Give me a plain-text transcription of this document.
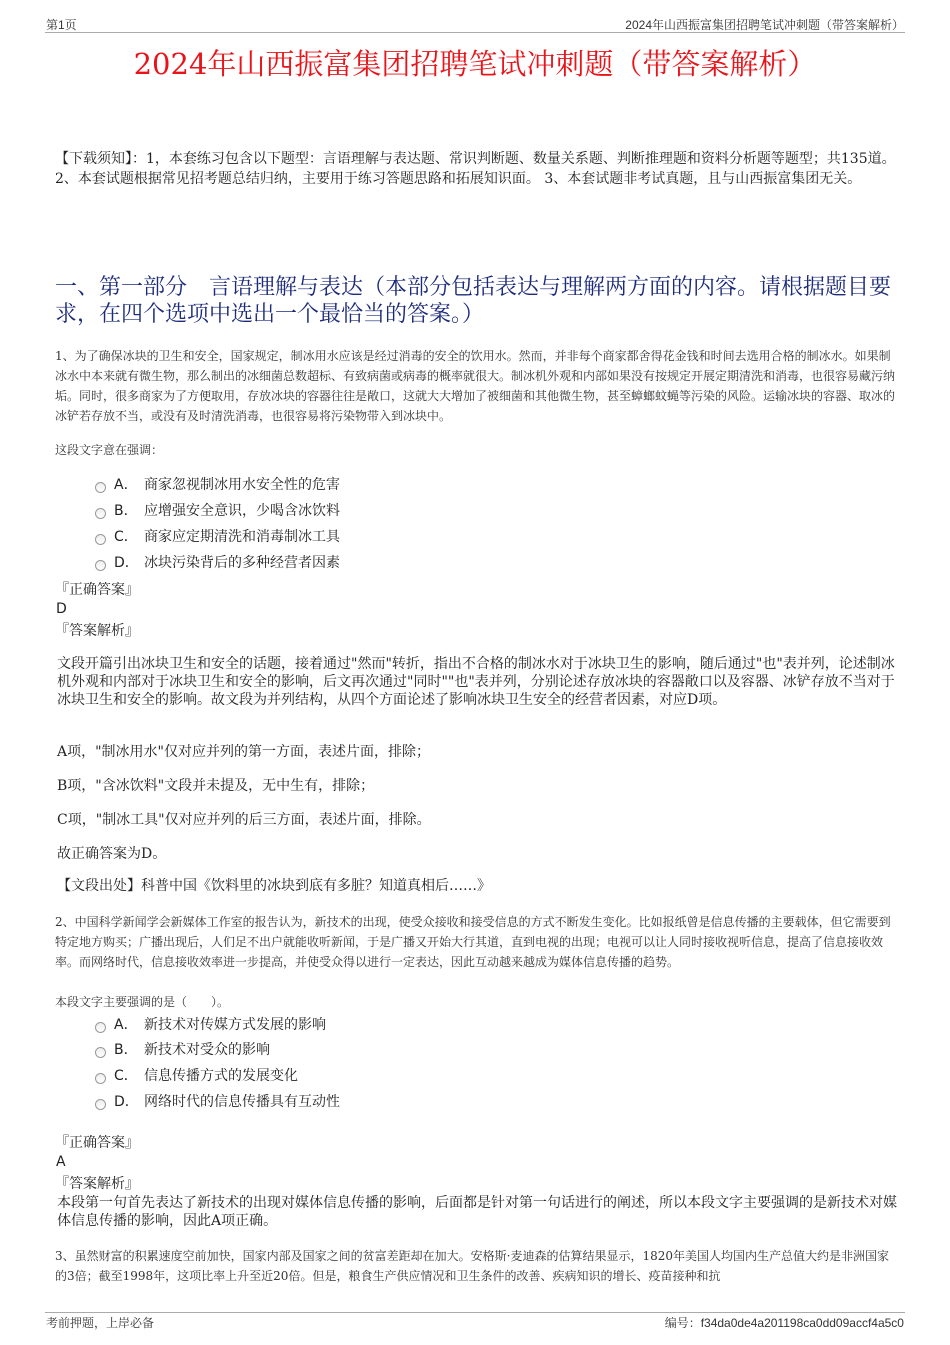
第1页	2024年山西振富集团招聘笔试冲刺题（带答案解析）
2024年山西振富集团招聘笔试冲刺题（带答案解析）
【下载须知】：1，本套练习包含以下题型：言语理解与表达题、常识判断题、数量关系题、判断推理题和资料分析题等题型；共135道。2、本套试题根据常见招考题总结归纳，主要用于练习答题思路和拓展知识面。 3、本套试题非考试真题，且与山西振富集团无关。
一、第一部分　言语理解与表达（本部分包括表达与理解两方面的内容。请根据题目要求，在四个选项中选出一个最恰当的答案。）
1、为了确保冰块的卫生和安全，国家规定，制冰用水应该是经过消毒的安全的饮用水。然而，并非每个商家都舍得花金钱和时间去选用合格的制冰水。如果制冰水中本来就有微生物，那么制出的冰细菌总数超标、有致病菌或病毒的概率就很大。制冰机外观和内部如果没有按规定开展定期清洗和消毒，也很容易藏污纳垢。同时，很多商家为了方便取用，存放冰块的容器往往是敞口，这就大大增加了被细菌和其他微生物，甚至蟑螂蚊蝇等污染的风险。运输冰块的容器、取冰的冰铲若存放不当，或没有及时清洗消毒，也很容易将污染物带入到冰块中。
这段文字意在强调：
A． 商家忽视制冰用水安全性的危害
B． 应增强安全意识，少喝含冰饮料
C． 商家应定期清洗和消毒制冰工具
D． 冰块污染背后的多种经营者因素
『正确答案』
D
『答案解析』
文段开篇引出冰块卫生和安全的话题，接着通过"然而"转折，指出不合格的制冰水对于冰块卫生的影响，随后通过"也"表并列，论述制冰机外观和内部对于冰块卫生和安全的影响，后文再次通过"同时""也"表并列，分别论述存放冰块的容器敞口以及容器、冰铲存放不当对于冰块卫生和安全的影响。故文段为并列结构，从四个方面论述了影响冰块卫生安全的经营者因素，对应D项。
A项，"制冰用水"仅对应并列的第一方面，表述片面，排除；
B项，"含冰饮料"文段并未提及，无中生有，排除；
C项，"制冰工具"仅对应并列的后三方面，表述片面，排除。
故正确答案为D。
【文段出处】科普中国《饮料里的冰块到底有多脏？知道真相后……》
2、中国科学新闻学会新媒体工作室的报告认为，新技术的出现，使受众接收和接受信息的方式不断发生变化。比如报纸曾是信息传播的主要载体，但它需要到特定地方购买；广播出现后，人们足不出户就能收听新闻，于是广播又开始大行其道，直到电视的出现；电视可以让人同时接收视听信息，提高了信息接收效率。而网络时代，信息接收效率进一步提高，并使受众得以进行一定表达，因此互动越来越成为媒体信息传播的趋势。
本段文字主要强调的是（　　）。
A． 新技术对传媒方式发展的影响
B． 新技术对受众的影响
C． 信息传播方式的发展变化
D． 网络时代的信息传播具有互动性
『正确答案』
A
『答案解析』
本段第一句首先表达了新技术的出现对媒体信息传播的影响，后面都是针对第一句话进行的阐述，所以本段文字主要强调的是新技术对媒体信息传播的影响，因此A项正确。
3、虽然财富的积累速度空前加快，国家内部及国家之间的贫富差距却在加大。安格斯·麦迪森的估算结果显示，1820年美国人均国内生产总值大约是非洲国家的3倍；截至1998年，这项比率上升至近20倍。但是，粮食生产供应情况和卫生条件的改善、疾病知识的增长、疫苗接种和抗
考前押题，上岸必备	编号：f34da0de4a201198ca0dd09accf4a5c0
